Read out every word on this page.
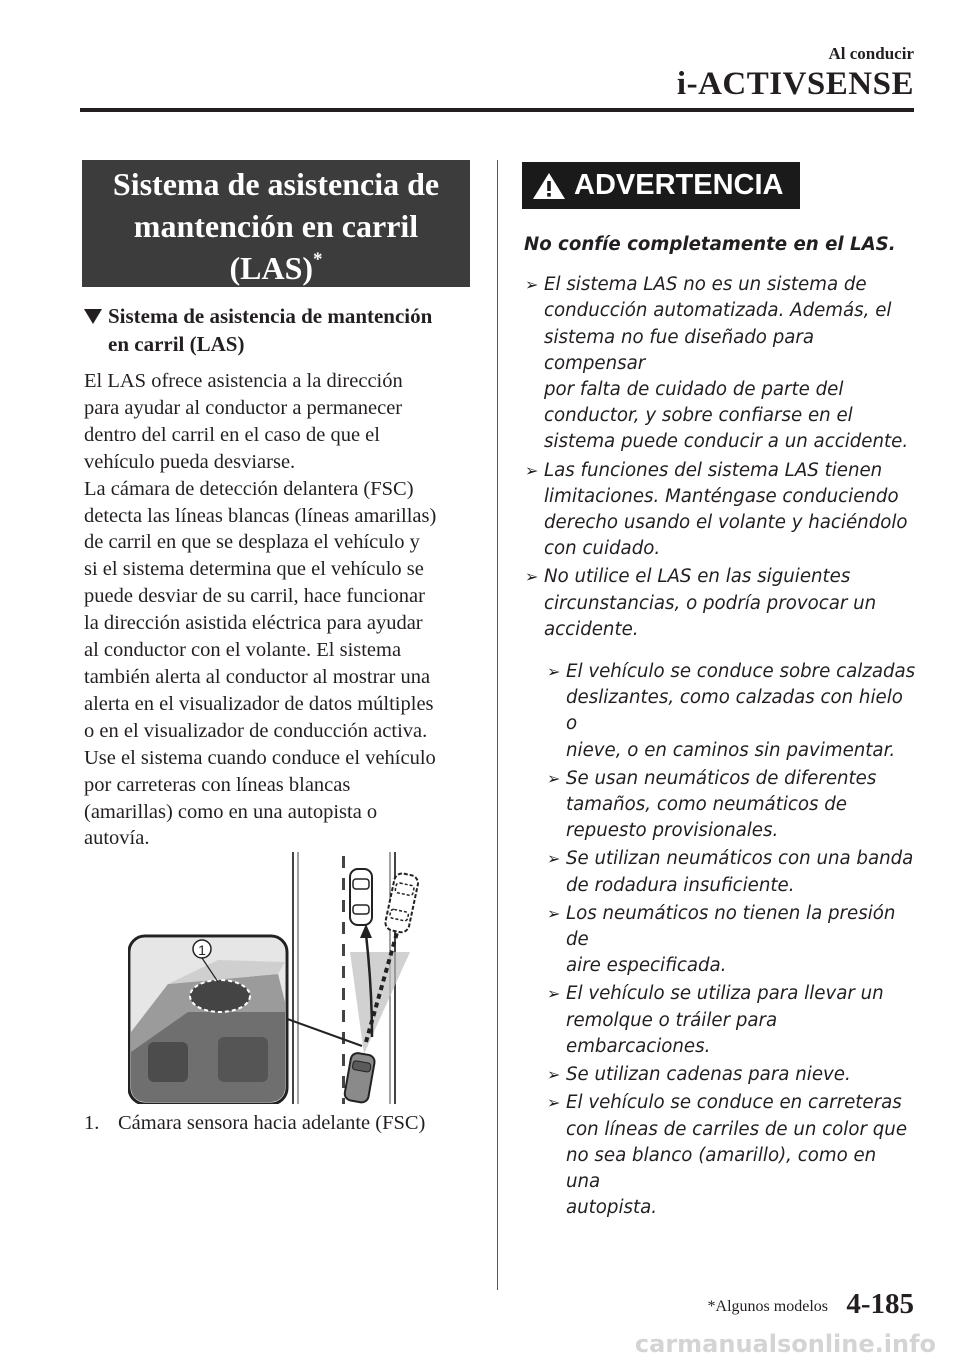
Al conducir
i-ACTIVSENSE
Sistema de asistencia de
mantención en carril
(LAS)*
Sistema de asistencia de mantención
en carril (LAS)

El LAS ofrece asistencia a la dirección

para ayudar al conductor a permanecer

dentro del carril en el caso de que el

vehículo pueda desviarse.

La cámara de detección delantera (FSC)

detecta las líneas blancas (líneas amarillas)

de carril en que se desplaza el vehículo y

si el sistema determina que el vehículo se

puede desviar de su carril, hace funcionar

la dirección asistida eléctrica para ayudar

al conductor con el volante. El sistema

también alerta al conductor al mostrar una

alerta en el visualizador de datos múltiples

o en el visualizador de conducción activa.

Use el sistema cuando conduce el vehículo

por carreteras con líneas blancas

(amarillas) como en una autopista o

autovía.

1
1. Cámara sensora hacia adelante (FSC)
ADVERTENCIA

No confíe completamente en el LAS.

➢ El sistema LAS no es un sistema de
conducción automatizada. Además, el
sistema no fue diseñado para compensar
por falta de cuidado de parte del
conductor, y sobre confiarse en el
sistema puede conducir a un accidente.
➢ Las funciones del sistema LAS tienen
limitaciones. Manténgase conduciendo
derecho usando el volante y haciéndolo
con cuidado.
➢ No utilice el LAS en las siguientes
circunstancias, o podría provocar un
accidente.
➢ El vehículo se conduce sobre calzadas
deslizantes, como calzadas con hielo o
nieve, o en caminos sin pavimentar.
➢ Se usan neumáticos de diferentes
tamaños, como neumáticos de
repuesto provisionales.
➢ Se utilizan neumáticos con una banda
de rodadura insuficiente.
➢ Los neumáticos no tienen la presión de
aire especificada.
➢ El vehículo se utiliza para llevar un
remolque o tráiler para
embarcaciones.
➢ Se utilizan cadenas para nieve.
➢ El vehículo se conduce en carreteras
con líneas de carriles de un color que
no sea blanco (amarillo), como en una
autopista.
*Algunos modelos 4-185
carmanualsonline.info
